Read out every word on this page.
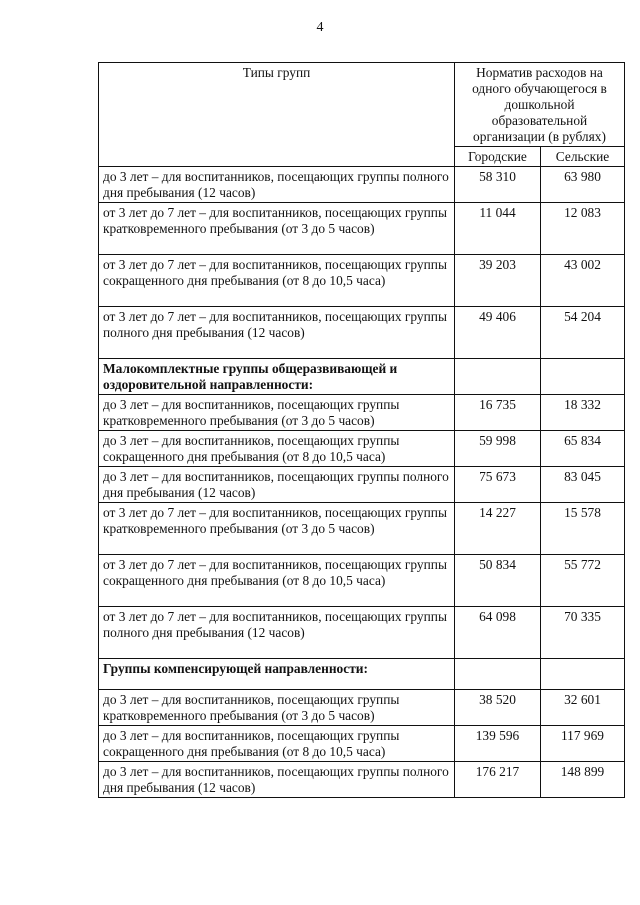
4
Типы групп	Норматив расходов на одного обучающегося в дошкольной образовательной организации (в рублях)	
	Городские	Сельские
до 3 лет – для воспитанников, посещающих группы полного дня пребывания (12 часов)	58 310	63 980
от 3 лет до 7 лет – для воспитанников, посещающих группы кратковременного пребывания (от 3 до 5 часов)	11 044	12 083
от 3 лет до 7 лет – для воспитанников, посещающих группы сокращенного дня пребывания (от 8 до 10,5 часа)	39 203	43 002
от 3 лет до 7 лет – для воспитанников, посещающих группы полного дня пребывания (12 часов)	49 406	54 204
Малокомплектные группы общеразвивающей и оздоровительной направленности:		
до 3 лет – для воспитанников, посещающих группы кратковременного пребывания (от 3 до 5 часов)	16 735	18 332
до 3 лет – для воспитанников, посещающих группы сокращенного дня пребывания (от 8 до 10,5 часа)	59 998	65 834
до 3 лет – для воспитанников, посещающих группы полного дня пребывания (12 часов)	75 673	83 045
от 3 лет до 7 лет – для воспитанников, посещающих группы кратковременного пребывания (от 3 до 5 часов)	14 227	15 578
от 3 лет до 7 лет – для воспитанников, посещающих группы сокращенного дня пребывания (от 8 до 10,5 часа)	50 834	55 772
от 3 лет до 7 лет – для воспитанников, посещающих группы полного дня пребывания (12 часов)	64 098	70 335
Группы компенсирующей направленности:		
до 3 лет – для воспитанников, посещающих группы кратковременного пребывания (от 3 до 5 часов)	38 520	32 601
до 3 лет – для воспитанников, посещающих группы сокращенного дня пребывания (от 8 до 10,5 часа)	139 596	117 969
до 3 лет – для воспитанников, посещающих группы полного дня пребывания (12 часов)	176 217	148 899
